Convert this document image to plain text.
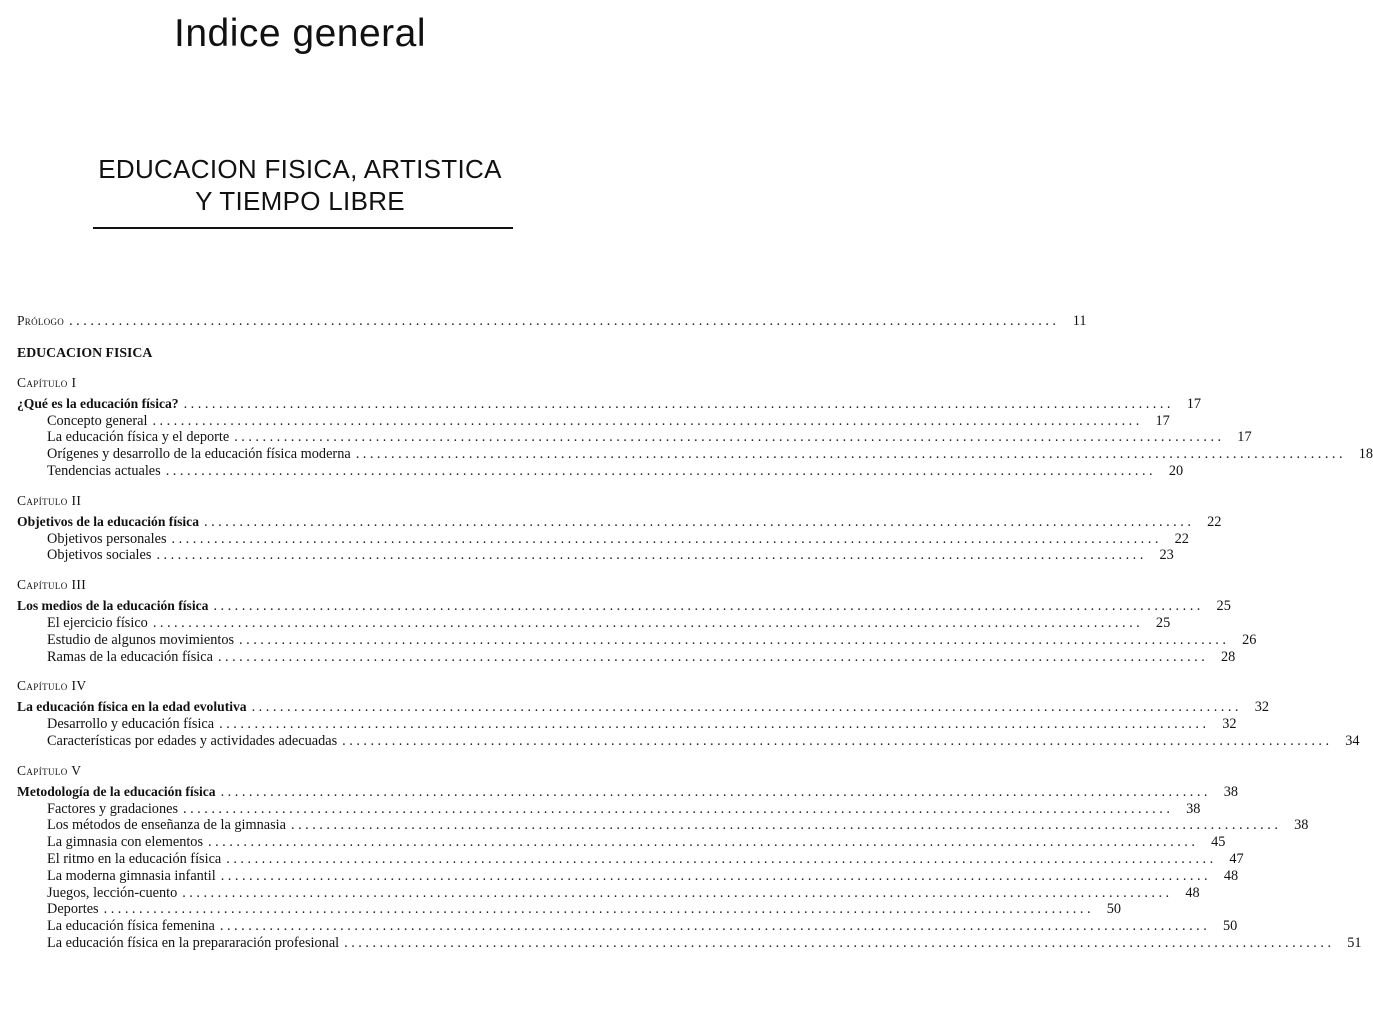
Indice general
EDUCACION FISICA, ARTISTICA
Y TIEMPO LIBRE
Prólogo ............................................................................................................................................ 11
EDUCACION FISICA
Capítulo I
¿Qué es la educación física? ............................................................................................................................................ 17
Concepto general ............................................................................................................................................ 17
La educación física y el deporte ............................................................................................................................................ 17
Orígenes y desarrollo de la educación física moderna ............................................................................................................................................ 18
Tendencias actuales ............................................................................................................................................ 20
Capítulo II
Objetivos de la educación física ............................................................................................................................................ 22
Objetivos personales ............................................................................................................................................ 22
Objetivos sociales ............................................................................................................................................ 23
Capítulo III
Los medios de la educación física ............................................................................................................................................ 25
El ejercicio físico ............................................................................................................................................ 25
Estudio de algunos movimientos ............................................................................................................................................ 26
Ramas de la educación física ............................................................................................................................................ 28
Capítulo IV
La educación física en la edad evolutiva ............................................................................................................................................ 32
Desarrollo y educación física ............................................................................................................................................ 32
Características por edades y actividades adecuadas ............................................................................................................................................ 34
Capítulo V
Metodología de la educación física ............................................................................................................................................ 38
Factores y gradaciones ............................................................................................................................................ 38
Los métodos de enseñanza de la gimnasia ............................................................................................................................................ 38
La gimnasia con elementos ............................................................................................................................................ 45
El ritmo en la educación física ............................................................................................................................................ 47
La moderna gimnasia infantil ............................................................................................................................................ 48
Juegos, lección-cuento ............................................................................................................................................ 48
Deportes ............................................................................................................................................ 50
La educación física femenina ............................................................................................................................................ 50
La educación física en la prepararación profesional ............................................................................................................................................ 51
